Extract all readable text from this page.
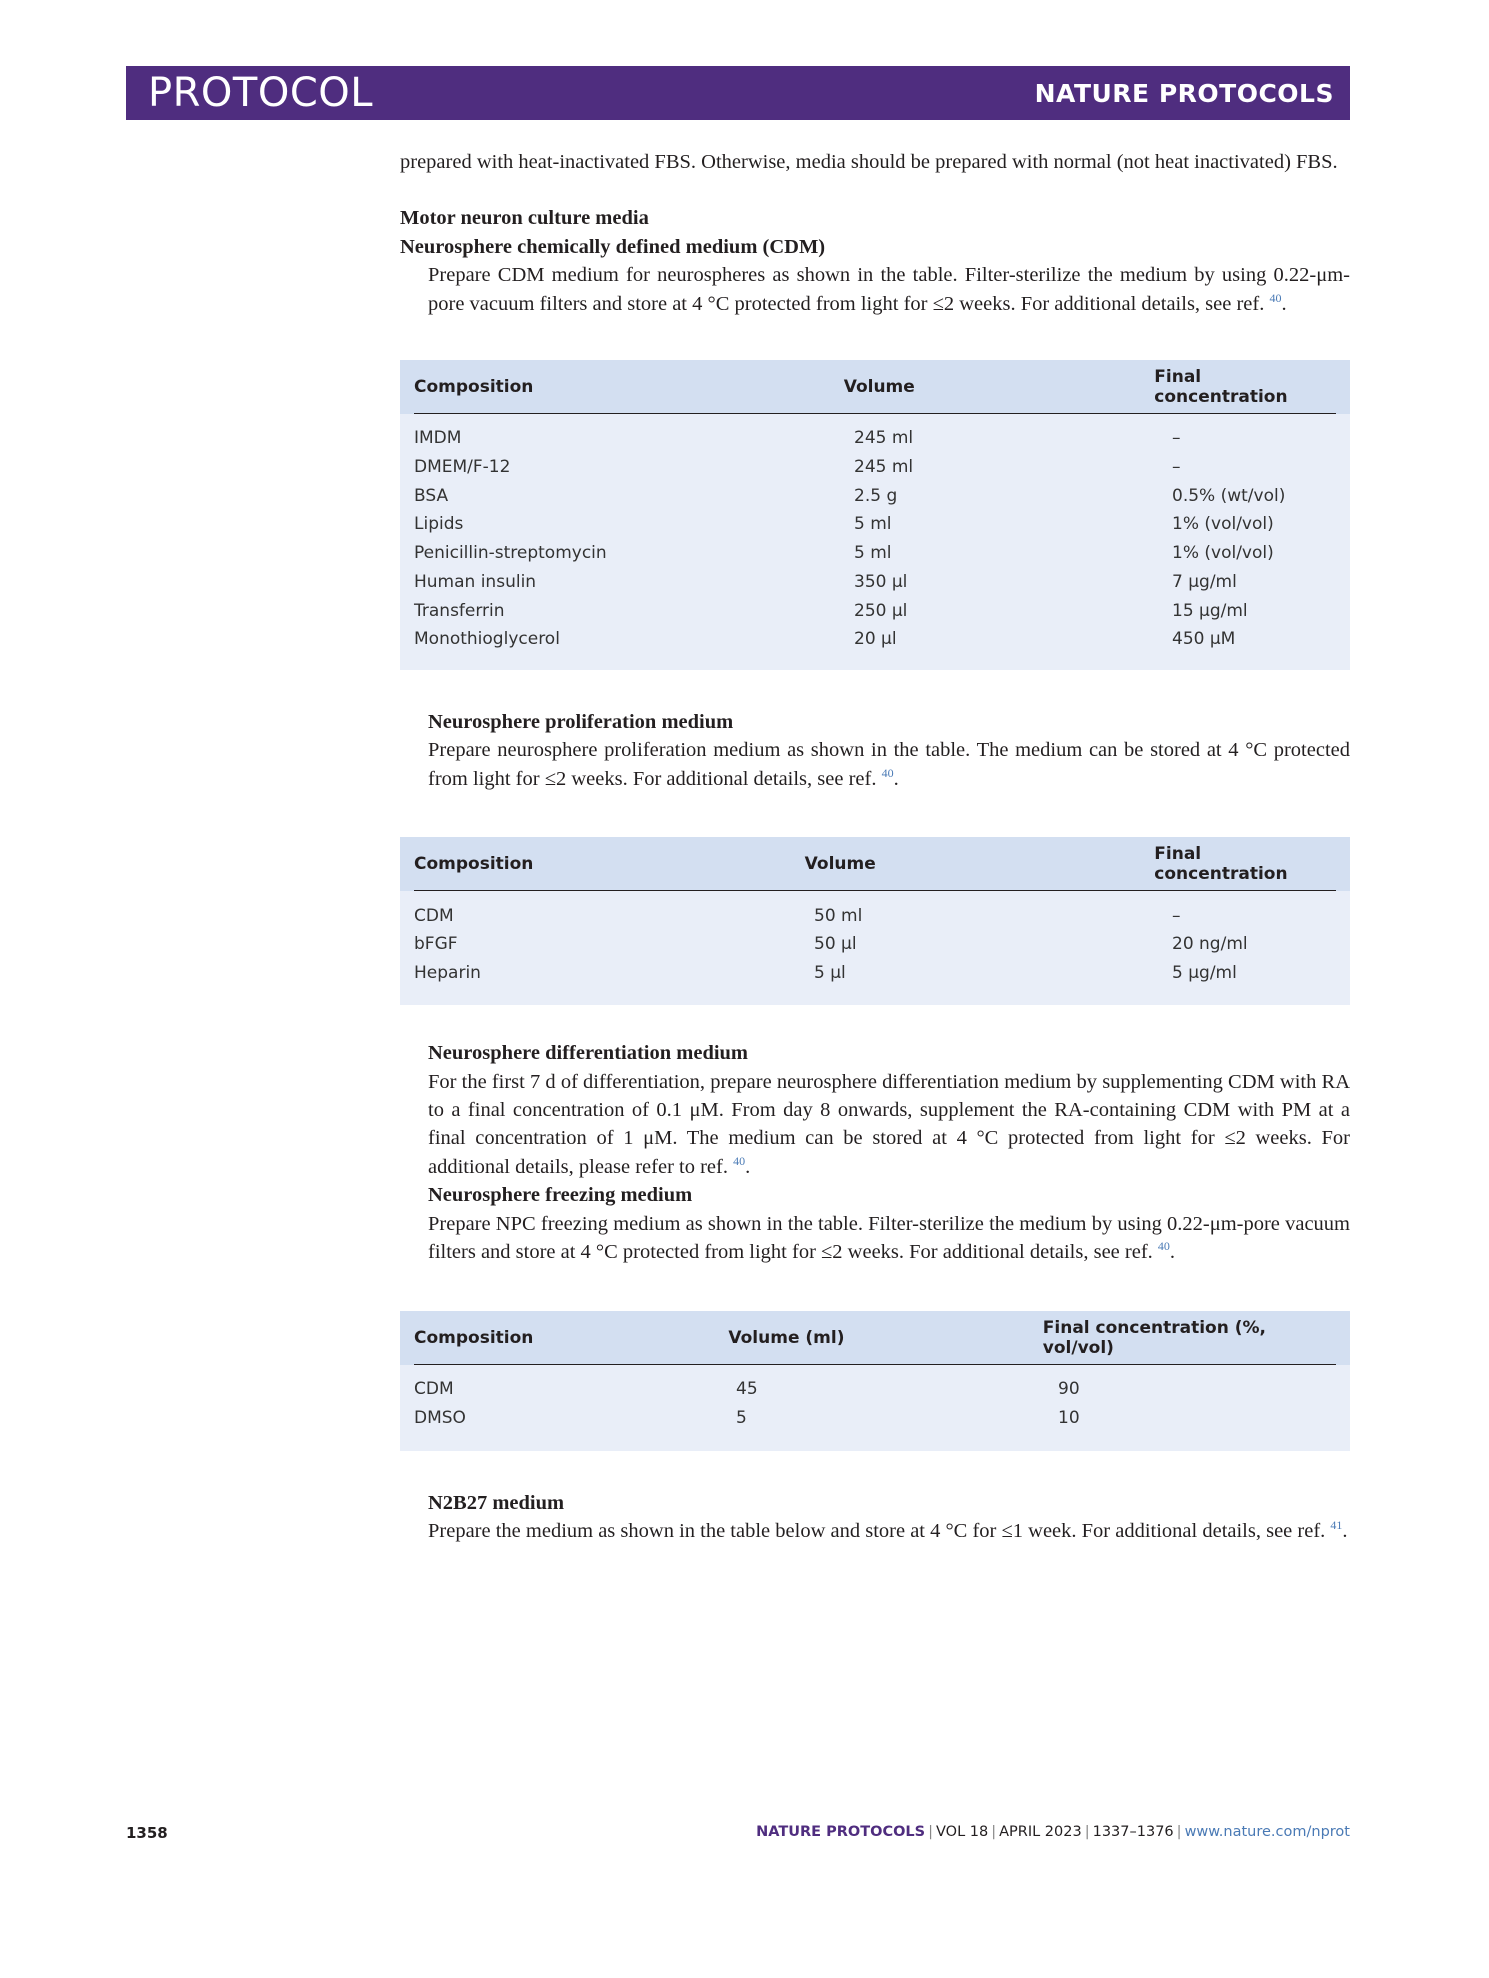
PROTOCOL	NATURE PROTOCOLS

prepared with heat-inactivated FBS. Otherwise, media should be prepared with normal (not heat inactivated) FBS.

Motor neuron culture media
Neurosphere chemically defined medium (CDM)

Prepare CDM medium for neurospheres as shown in the table. Filter-sterilize the medium by using 0.22-μm-pore vacuum filters and store at 4 °C protected from light for ≤2 weeks. For additional details, see ref. $^{40}$.

Composition	Volume	Final concentration
IMDM	245 ml	–
DMEM/F-12	245 ml	–
BSA	2.5 g	0.5% (wt/vol)
Lipids	5 ml	1% (vol/vol)
Penicillin-streptomycin	5 ml	1% (vol/vol)
Human insulin	350 μl	7 μg/ml
Transferrin	250 μl	15 μg/ml
Monothioglycerol	20 μl	450 μM
Neurosphere proliferation medium

Prepare neurosphere proliferation medium as shown in the table. The medium can be stored at 4 °C protected from light for ≤2 weeks. For additional details, see ref. $^{40}$.

Composition	Volume	Final concentration
CDM	50 ml	–
bFGF	50 μl	20 ng/ml
Heparin	5 μl	5 μg/ml
Neurosphere differentiation medium

For the first 7 d of differentiation, prepare neurosphere differentiation medium by supplementing CDM with RA to a final concentration of 0.1 μM. From day 8 onwards, supplement the RA-containing CDM with PM at a final concentration of 1 μM. The medium can be stored at 4 °C protected from light for ≤2 weeks. For additional details, please refer to ref. $^{40}$.

Neurosphere freezing medium

Prepare NPC freezing medium as shown in the table. Filter-sterilize the medium by using 0.22-μm-pore vacuum filters and store at 4 °C protected from light for ≤2 weeks. For additional details, see ref. $^{40}$.

Composition	Volume (ml)	Final concentration (%, vol/vol)
CDM	45	90
DMSO	5	10
N2B27 medium

Prepare the medium as shown in the table below and store at 4 °C for ≤1 week. For additional details, see ref. $^{41}$.

1358	NATURE PROTOCOLS | VOL 18 | APRIL 2023 | 1337–1376 | www.nature.com/nprot
